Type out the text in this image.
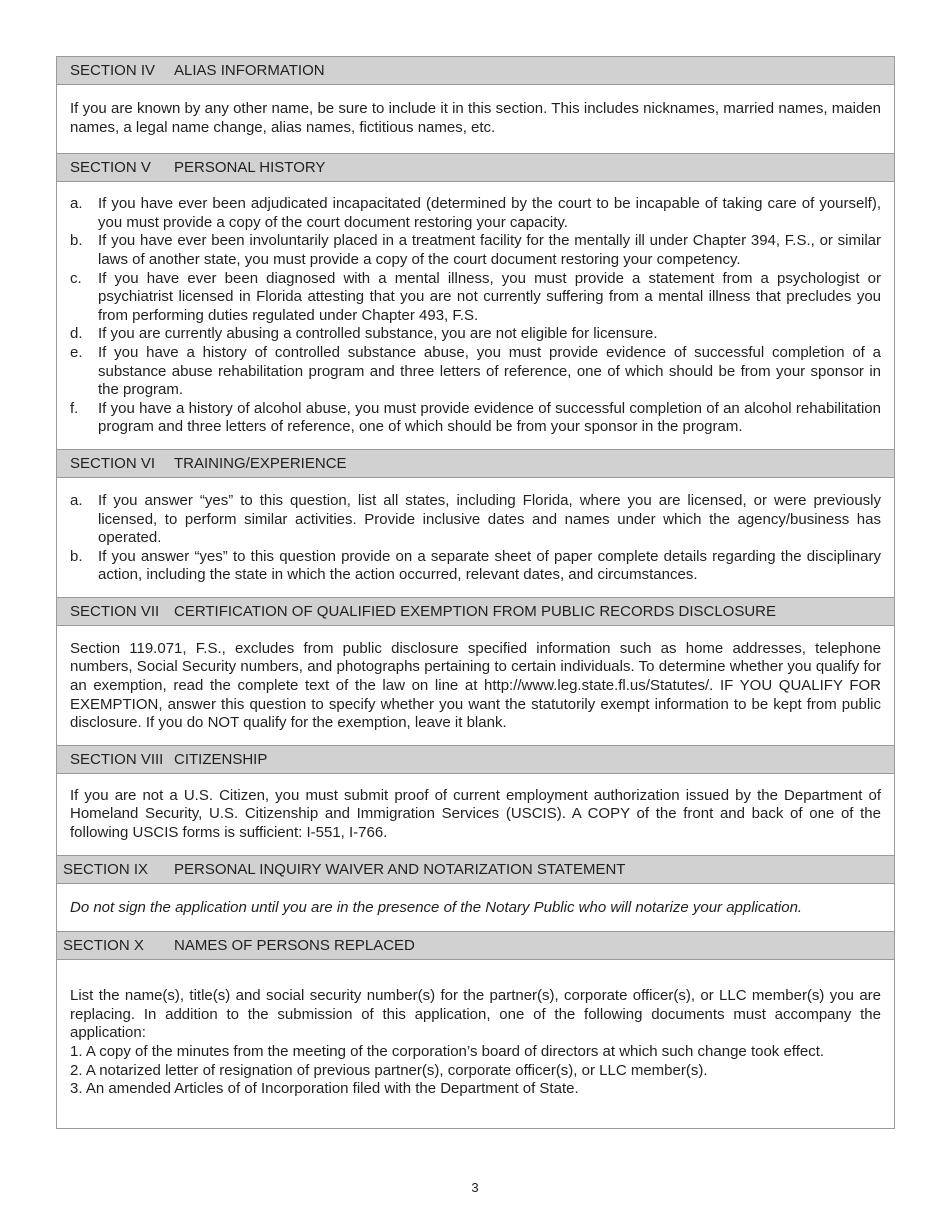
SECTION IV ALIAS INFORMATION
If you are known by any other name, be sure to include it in this section. This includes nicknames, married names, maiden names, a legal name change, alias names, fictitious names, etc.
SECTION V PERSONAL HISTORY
a. If you have ever been adjudicated incapacitated (determined by the court to be incapable of taking care of yourself), you must provide a copy of the court document restoring your capacity.
b. If you have ever been involuntarily placed in a treatment facility for the mentally ill under Chapter 394, F.S., or similar laws of another state, you must provide a copy of the court document restoring your competency.
c. If you have ever been diagnosed with a mental illness, you must provide a statement from a psychologist or psychiatrist licensed in Florida attesting that you are not currently suffering from a mental illness that precludes you from performing duties regulated under Chapter 493, F.S.
d. If you are currently abusing a controlled substance, you are not eligible for licensure.
e. If you have a history of controlled substance abuse, you must provide evidence of successful completion of a substance abuse rehabilitation program and three letters of reference, one of which should be from your sponsor in the program.
f. If you have a history of alcohol abuse, you must provide evidence of successful completion of an alcohol rehabilitation program and three letters of reference, one of which should be from your sponsor in the program.
SECTION VI TRAINING/EXPERIENCE
a. If you answer “yes” to this question, list all states, including Florida, where you are licensed, or were previously licensed, to perform similar activities. Provide inclusive dates and names under which the agency/business has operated.
b. If you answer “yes” to this question provide on a separate sheet of paper complete details regarding the disciplinary action, including the state in which the action occurred, relevant dates, and circumstances.
SECTION VII CERTIFICATION OF QUALIFIED EXEMPTION FROM PUBLIC RECORDS DISCLOSURE
Section 119.071, F.S., excludes from public disclosure specified information such as home addresses, telephone numbers, Social Security numbers, and photographs pertaining to certain individuals. To determine whether you qualify for an exemption, read the complete text of the law on line at http://www.leg.state.fl.us/Statutes/. IF YOU QUALIFY FOR EXEMPTION, answer this question to specify whether you want the statutorily exempt information to be kept from public disclosure. If you do NOT qualify for the exemption, leave it blank.
SECTION VIII CITIZENSHIP
If you are not a U.S. Citizen, you must submit proof of current employment authorization issued by the Department of Homeland Security, U.S. Citizenship and Immigration Services (USCIS). A COPY of the front and back of one of the following USCIS forms is sufficient: I-551, I-766.
SECTION IX PERSONAL INQUIRY WAIVER AND NOTARIZATION STATEMENT
Do not sign the application until you are in the presence of the Notary Public who will notarize your application.
SECTION X NAMES OF PERSONS REPLACED
List the name(s), title(s) and social security number(s) for the partner(s), corporate officer(s), or LLC member(s) you are replacing. In addition to the submission of this application, one of the following documents must accompany the application:
1. A copy of the minutes from the meeting of the corporation’s board of directors at which such change took effect.
2. A notarized letter of resignation of previous partner(s), corporate officer(s), or LLC member(s).
3. An amended Articles of of Incorporation filed with the Department of State.
3
